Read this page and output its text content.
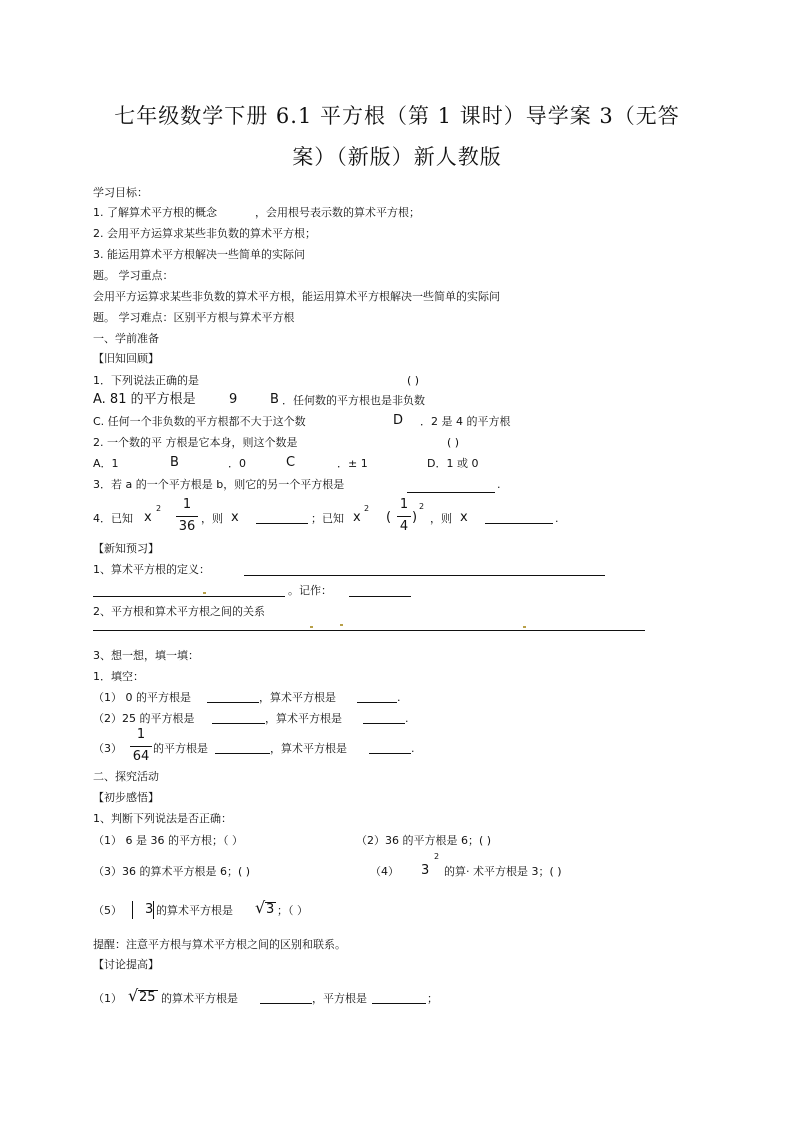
七年级数学下册 6.1 平方根（第 1 课时）导学案 3（无答
案）（新版）新人教版
学习目标：
1. 了解算术平方根的概念	，会用根号表示数的算术平方根；
2. 会用平方运算求某些非负数的算术平方根；
3. 能运用算术平方根解决一些简单的实际问
题。 学习重点：
会用平方运算求某些非负数的算术平方根，能运用算术平方根解决一些简单的实际问
题。 学习难点：区别平方根与算术平方根
一、学前准备
【旧知回顾】
1．下列说法正确的是	( )
A. 81 的平方根是	9	B ．任何数的平方根也是非负数
C. 任何一个非负数的平方根都不大于这个数	D ．2 是 4 的平方根
2. 一个数的平 方根是它本身，则这个数是	( )
A．1	B	．0	C	．± 1	D．1 或 0
3．若 a 的一个平方根是 b，则它的另一个平方根是	.
4．已知 x
2	1
36
，则 x	；已知 x
2
(
1
4
)
2
，则 x	.
【新知预习】
1、算术平方根的定义：
。记作：
2、平方根和算术平方根之间的关系
3、想一想，填一填：
1．填空：
（1） 0 的平方根是	，算术平方根是	.
（2）25 的平方根是	，算术平方根是	.
（3）
1
64
的平方根是	，算术平方根是	.
二、探究活动
【初步感悟】
1、判断下列说法是否正确：
（1） 6 是 36 的平方根；（ ）	（2）36 的平方根是 6；( )
（3）36 的算术平方根是 6；( )	（4） 3
2
的算· 术平方根是 3；( )
（5） 3 的算术平方根是 √ 3 ；（ ）
提醒：注意平方根与算术平方根之间的区别和联系。
【讨论提高】
（1） √ 25 的算术平方根是	，平方根是	；
